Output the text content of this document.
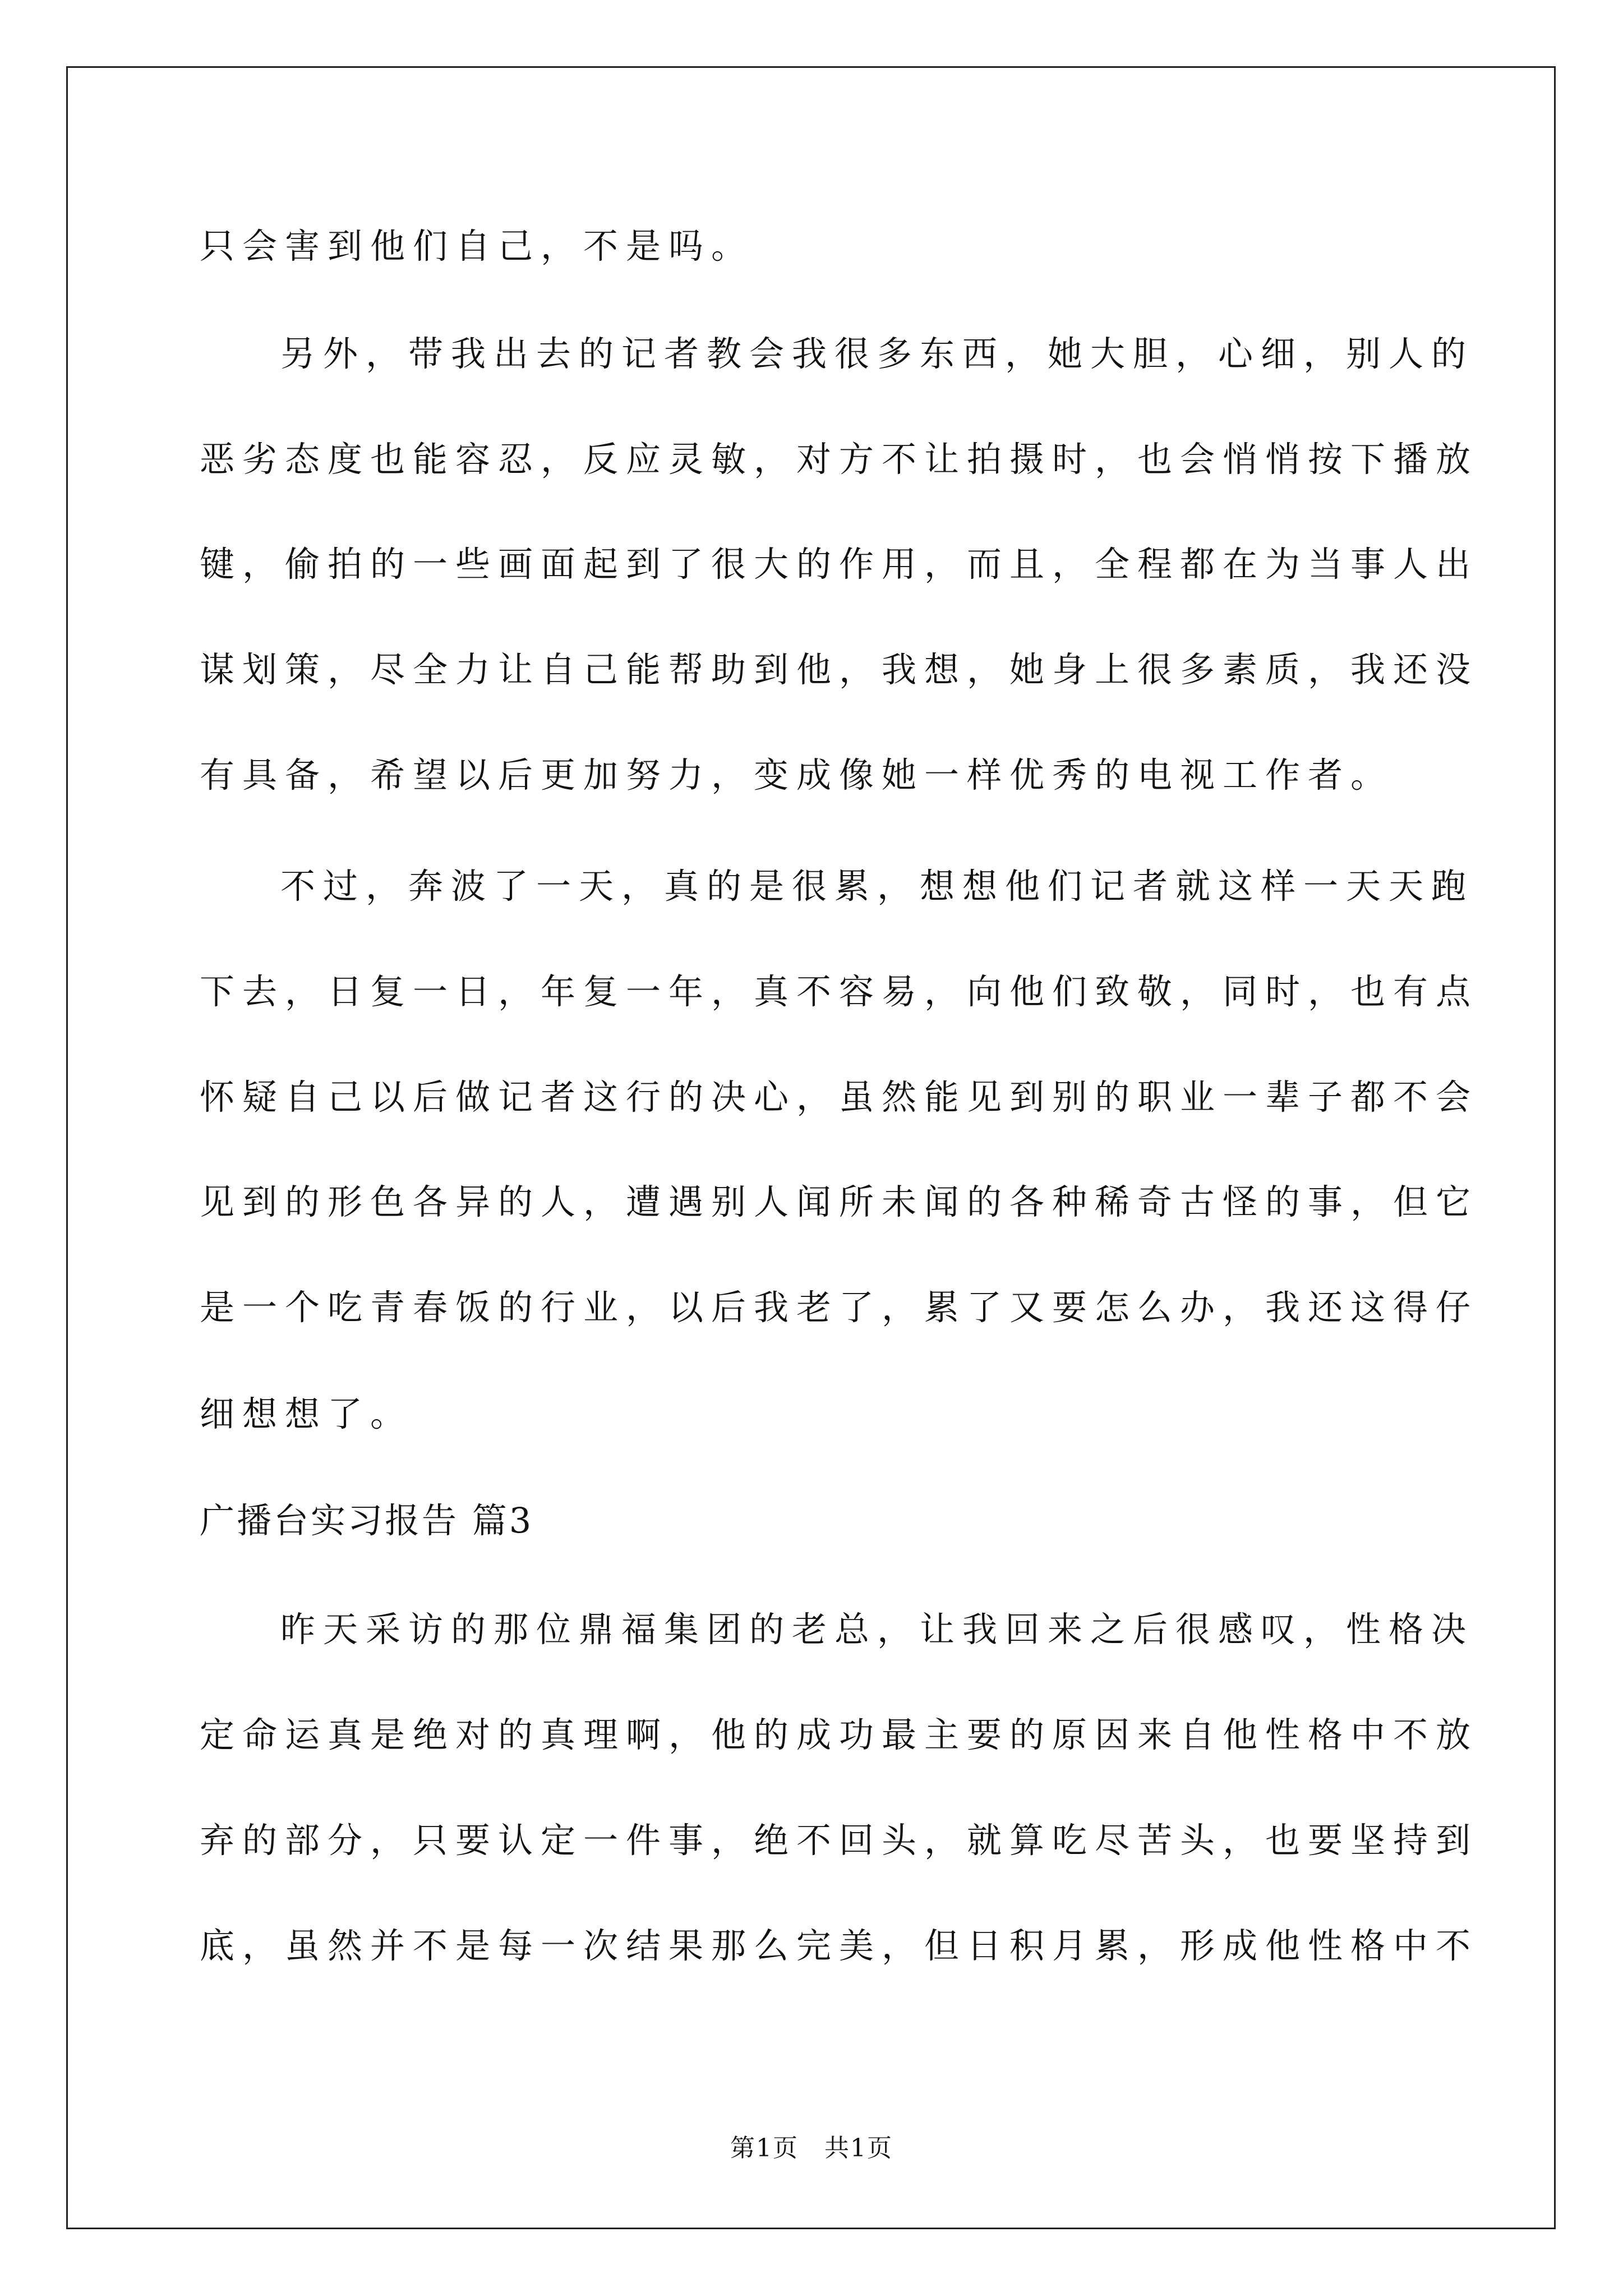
只会害到他们自己，不是吗。
另外，带我出去的记者教会我很多东西，她大胆，心细，别人的
恶劣态度也能容忍，反应灵敏，对方不让拍摄时，也会悄悄按下播放
键，偷拍的一些画面起到了很大的作用，而且，全程都在为当事人出
谋划策，尽全力让自己能帮助到他，我想，她身上很多素质，我还没
有具备，希望以后更加努力，变成像她一样优秀的电视工作者。
不过，奔波了一天，真的是很累，想想他们记者就这样一天天跑
下去，日复一日，年复一年，真不容易，向他们致敬，同时，也有点
怀疑自己以后做记者这行的决心，虽然能见到别的职业一辈子都不会
见到的形色各异的人，遭遇别人闻所未闻的各种稀奇古怪的事，但它
是一个吃青春饭的行业，以后我老了，累了又要怎么办，我还这得仔
细想想了。
广播台实习报告 篇3
昨天采访的那位鼎福集团的老总，让我回来之后很感叹，性格决
定命运真是绝对的真理啊，他的成功最主要的原因来自他性格中不放
弃的部分，只要认定一件事，绝不回头，就算吃尽苦头，也要坚持到
底，虽然并不是每一次结果那么完美，但日积月累，形成他性格中不
第1页　共1页
